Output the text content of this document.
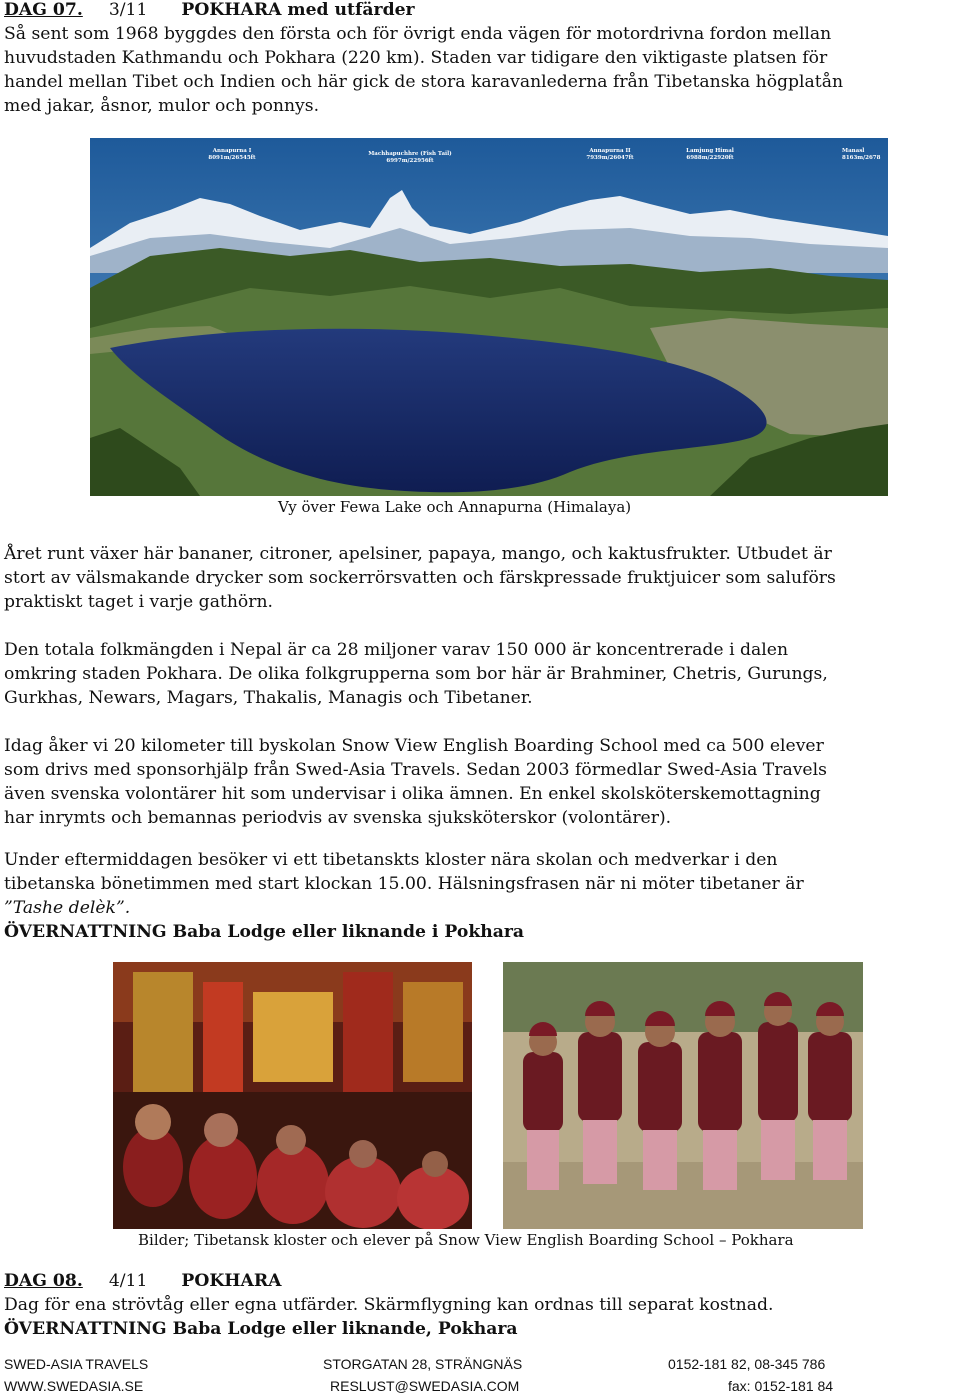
DAG 07. 3/11 POKHARA med utfärder
Så sent som 1968 byggdes den första och för övrigt enda vägen för motordrivna fordon mellan
huvudstaden Kathmandu och Pokhara (220 km). Staden var tidigare den viktigaste platsen för
handel mellan Tibet och Indien och här gick de stora karavanlederna från Tibetanska högplatån
med jakar, åsnor, mulor och ponnys.
Annapurna I
8091m/26545ft
Machhapuchhre (Fish Tail)
6997m/22956ft
Annapurna II
7939m/26047ft
Lamjung Himal
6988m/22920ft
Manasl
8163m/2678
Vy över Fewa Lake och Annapurna (Himalaya)
Året runt växer här bananer, citroner, apelsiner, papaya, mango, och kaktusfrukter. Utbudet är
stort av välsmakande drycker som sockerrörsvatten och färskpressade fruktjuicer som saluförs
praktiskt taget i varje gathörn.
Den totala folkmängden i Nepal är ca 28 miljoner varav 150 000 är koncentrerade i dalen
omkring staden Pokhara. De olika folkgrupperna som bor här är Brahminer, Chetris, Gurungs,
Gurkhas, Newars, Magars, Thakalis, Managis och Tibetaner.
Idag åker vi 20 kilometer till byskolan Snow View English Boarding School med ca 500 elever
som drivs med sponsorhjälp från Swed-Asia Travels. Sedan 2003 förmedlar Swed-Asia Travels
även svenska volontärer hit som undervisar i olika ämnen. En enkel skolsköterskemottagning
har inrymts och bemannas periodvis av svenska sjuksköterskor (volontärer).
Under eftermiddagen besöker vi ett tibetanskts kloster nära skolan och medverkar i den
tibetanska bönetimmen med start klockan 15.00. Hälsningsfrasen när ni möter tibetaner är
”Tashe delèk”.
ÖVERNATTNING Baba Lodge eller liknande i Pokhara
Bilder; Tibetansk kloster och elever på Snow View English Boarding School – Pokhara
DAG 08. 4/11 POKHARA
Dag för ena strövtåg eller egna utfärder. Skärmflygning kan ordnas till separat kostnad.
ÖVERNATTNING Baba Lodge eller liknande, Pokhara
SWED-ASIA TRAVELS	STORGATAN 28, STRÄNGNÄS	0152-181 82, 08-345 786
WWW.SWEDASIA.SE	RESLUST@SWEDASIA.COM	fax: 0152-181 84
